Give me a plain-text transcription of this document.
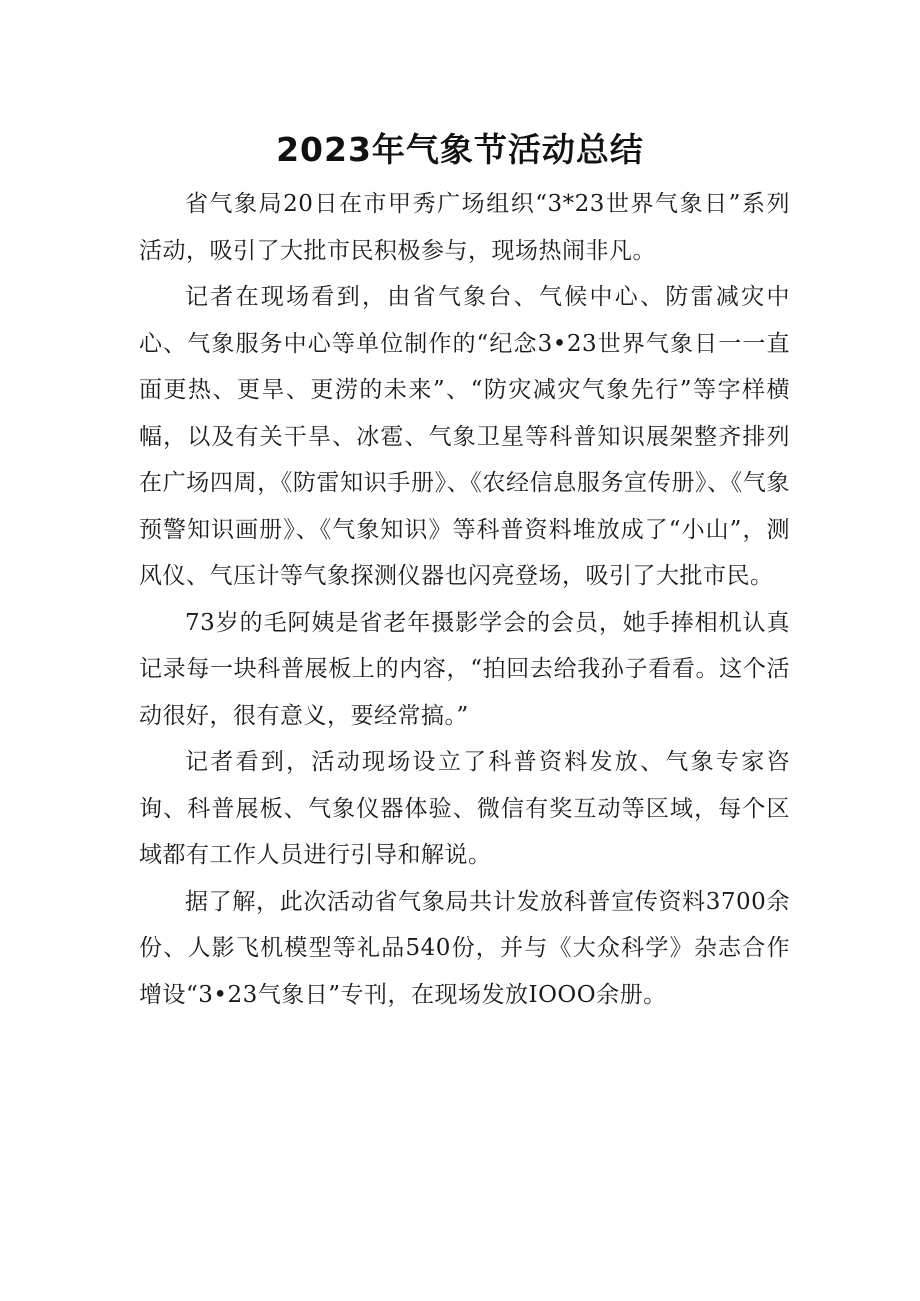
2023年气象节活动总结

省气象局20日在市甲秀广场组织“3*23世界气象日”系列活动，吸引了大批市民积极参与，现场热闹非凡。

记者在现场看到，由省气象台、气候中心、防雷减灾中心、气象服务中心等单位制作的“纪念3•23世界气象日一一直面更热、更旱、更涝的未来”、“防灾减灾气象先行”等字样横幅，以及有关干旱、冰雹、气象卫星等科普知识展架整齐排列在广场四周，《防雷知识手册》、《农经信息服务宣传册》、《气象预警知识画册》、《气象知识》等科普资料堆放成了“小山”，测风仪、气压计等气象探测仪器也闪亮登场，吸引了大批市民。

73岁的毛阿姨是省老年摄影学会的会员，她手捧相机认真记录每一块科普展板上的内容，“拍回去给我孙子看看。这个活动很好，很有意义，要经常搞。”

记者看到，活动现场设立了科普资料发放、气象专家咨询、科普展板、气象仪器体验、微信有奖互动等区域，每个区域都有工作人员进行引导和解说。

据了解，此次活动省气象局共计发放科普宣传资料3700余份、人影飞机模型等礼品540份，并与《大众科学》杂志合作增设“3•23气象日”专刊，在现场发放IOOO余册。
